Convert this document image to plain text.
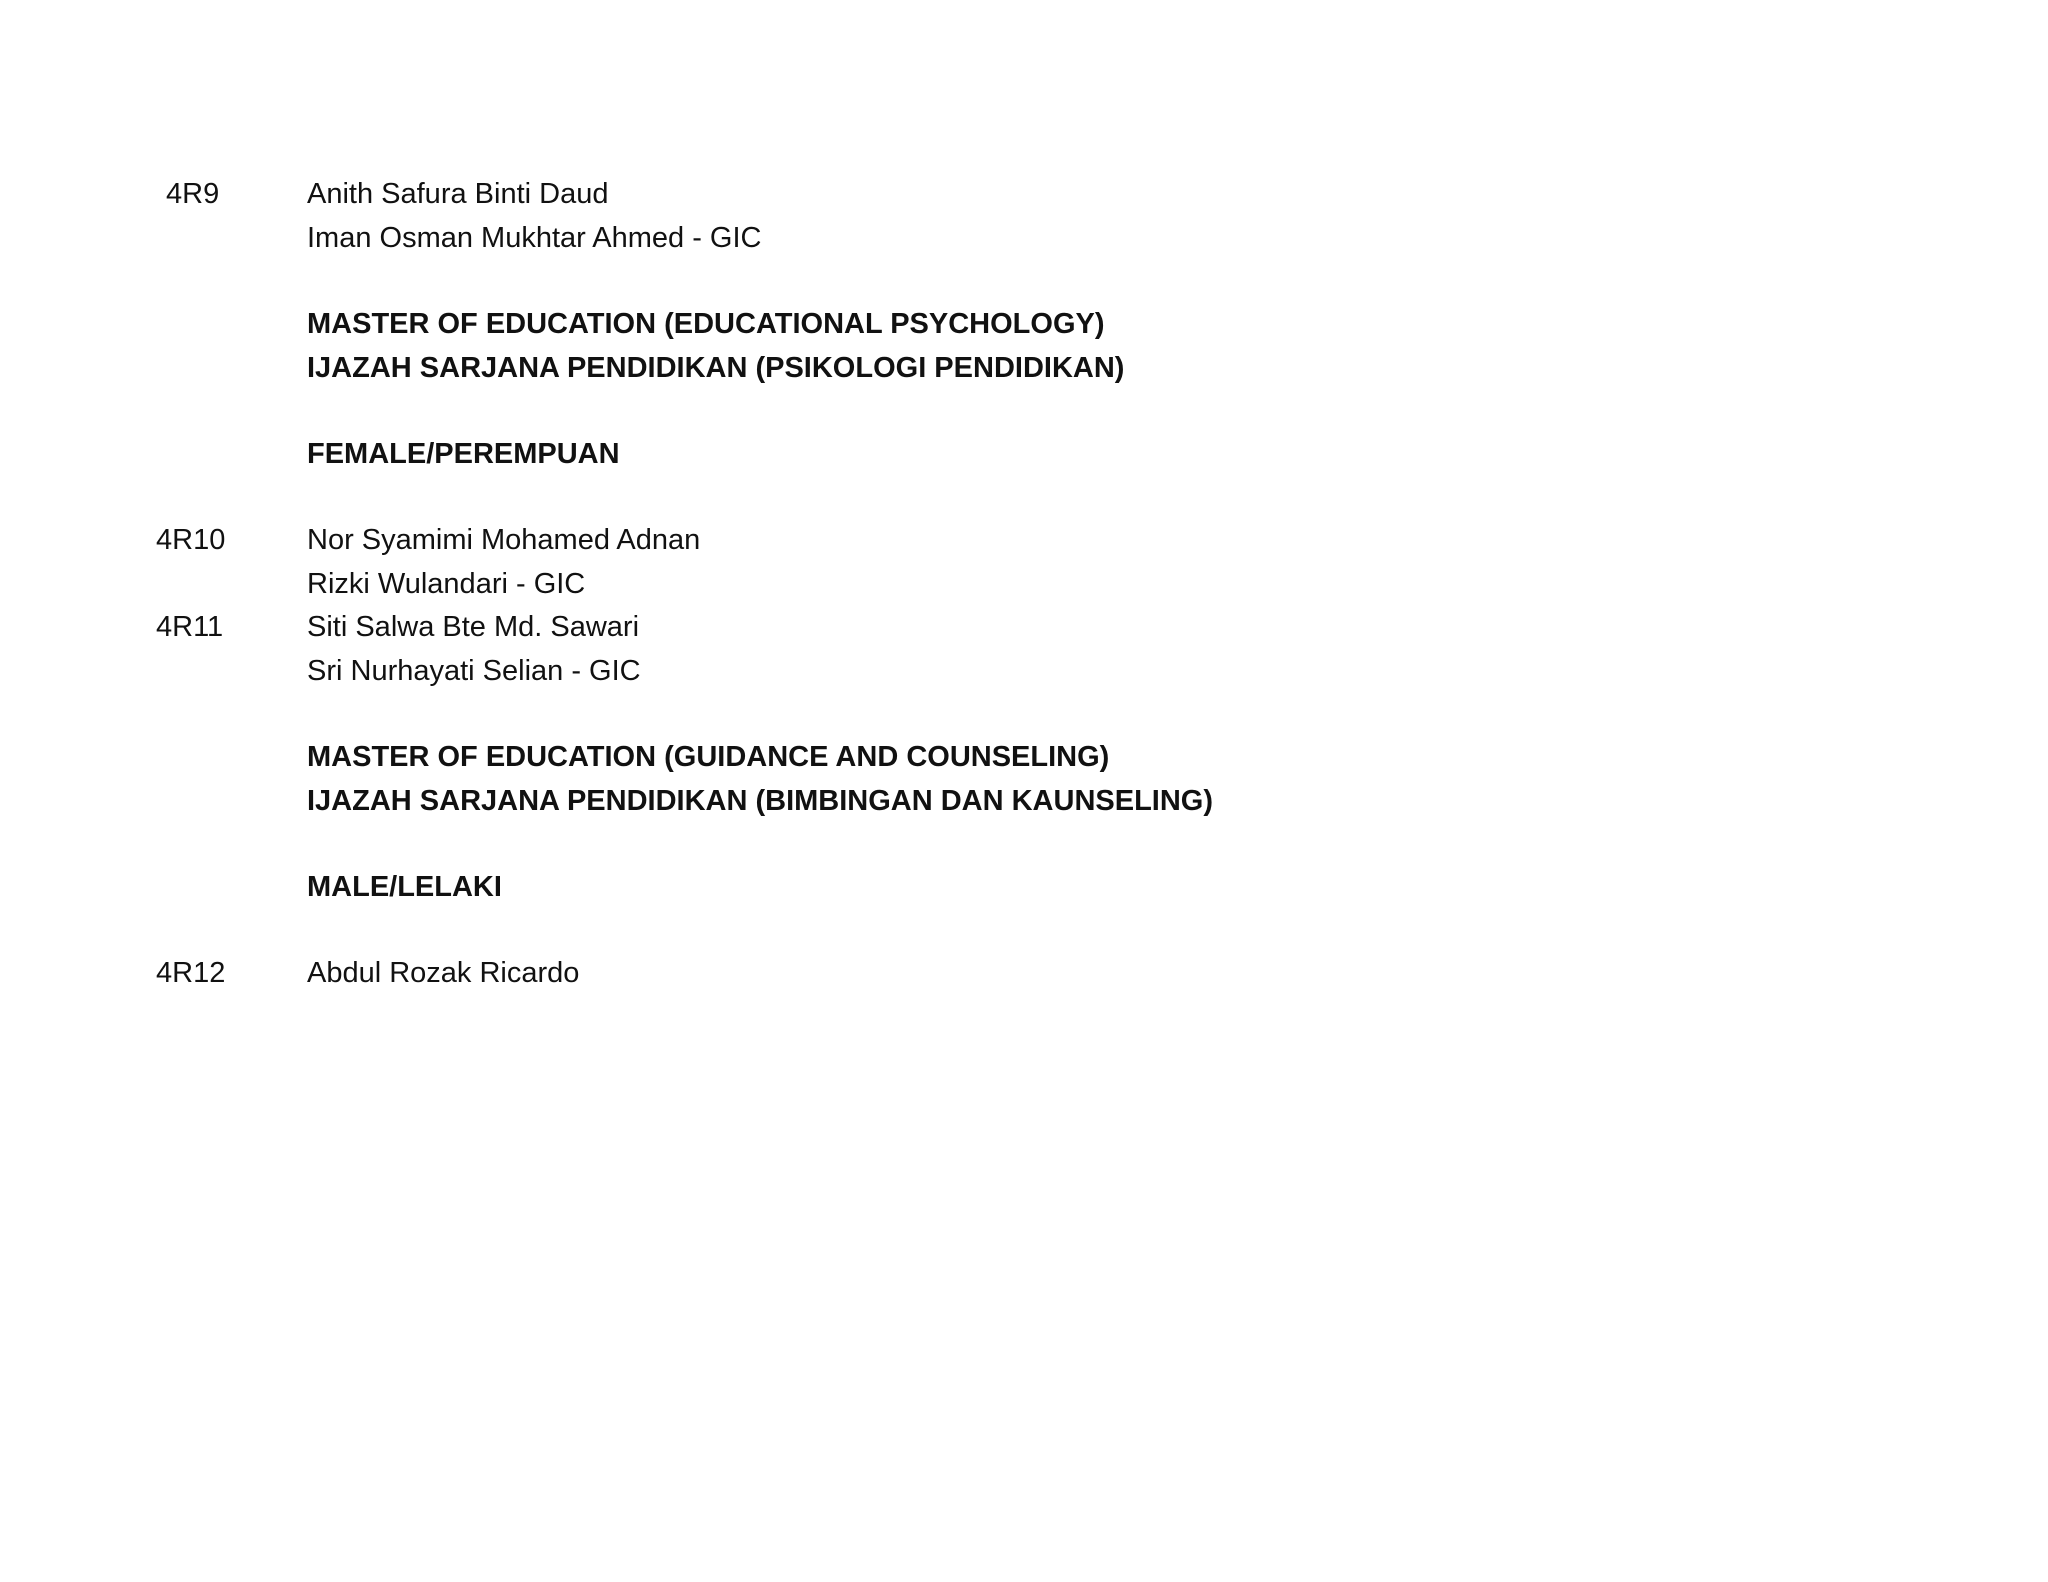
4R9	Anith Safura Binti Daud
Iman Osman Mukhtar Ahmed - GIC
MASTER OF EDUCATION (EDUCATIONAL PSYCHOLOGY)
IJAZAH SARJANA PENDIDIKAN (PSIKOLOGI PENDIDIKAN)
FEMALE/PEREMPUAN
4R10	Nor Syamimi Mohamed Adnan
Rizki Wulandari - GIC
4R11	Siti Salwa Bte Md. Sawari
Sri Nurhayati Selian - GIC
MASTER OF EDUCATION (GUIDANCE AND COUNSELING)
IJAZAH SARJANA PENDIDIKAN (BIMBINGAN DAN KAUNSELING)
MALE/LELAKI
4R12	Abdul Rozak Ricardo
